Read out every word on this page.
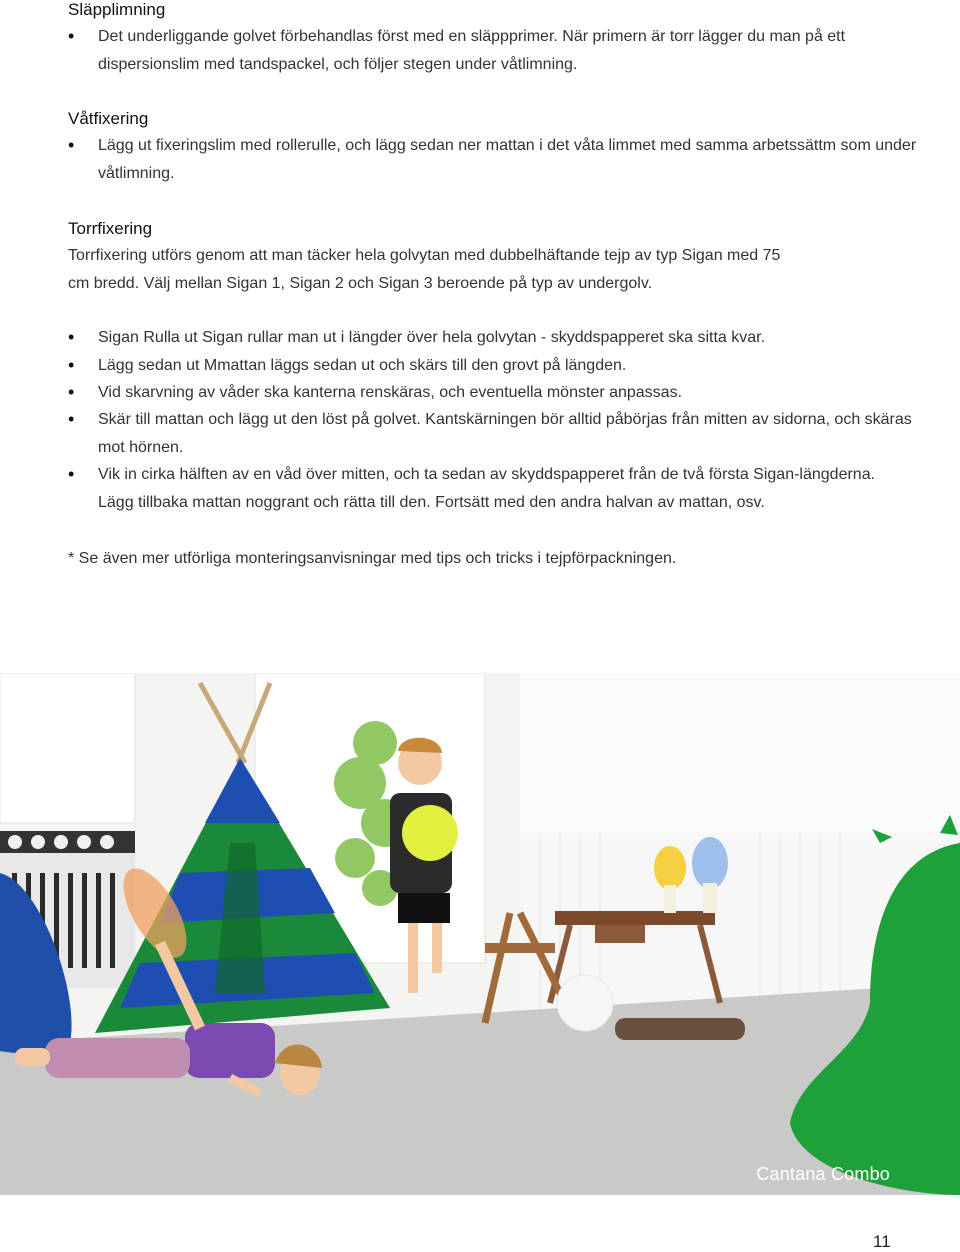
Släpplimning
• Det underliggande golvet förbehandlas först med en släppprimer. När primern är torr lägger du man på ett dispersionslim med tandspackel, och följer stegen under våtlimning.
Våtfixering
• Lägg ut fixeringslim med rollerulle, och lägg sedan ner mattan i det våta limmet med samma arbetssättm som under våtlimning.
Torrfixering
Torrfixering utförs genom att man täcker hela golvytan med dubbelhäftande tejp av typ Sigan med 75 cm bredd. Välj mellan Sigan 1, Sigan 2 och Sigan 3 beroende på typ av undergolv.
• Sigan Rulla ut Sigan rullar man ut i längder över hela golvytan - skyddspapperet ska sitta kvar.
• Lägg sedan ut Mmattan läggs sedan ut och skärs till den grovt på längden.
• Vid skarvning av våder ska kanterna renskäras, och eventuella mönster anpassas.
• Skär till mattan och lägg ut den löst på golvet. Kantskärningen bör alltid påbörjas från mitten av sidorna, och skäras mot hörnen.
• Vik in cirka hälften av en våd över mitten, och ta sedan av skyddspapperet från de två första Sigan-längderna. Lägg tillbaka mattan noggrant och rätta till den. Fortsätt med den andra halvan av mattan, osv.
* Se även mer utförliga monteringsanvisningar med tips och tricks i tejpförpackningen.
Cantana Combo
11
